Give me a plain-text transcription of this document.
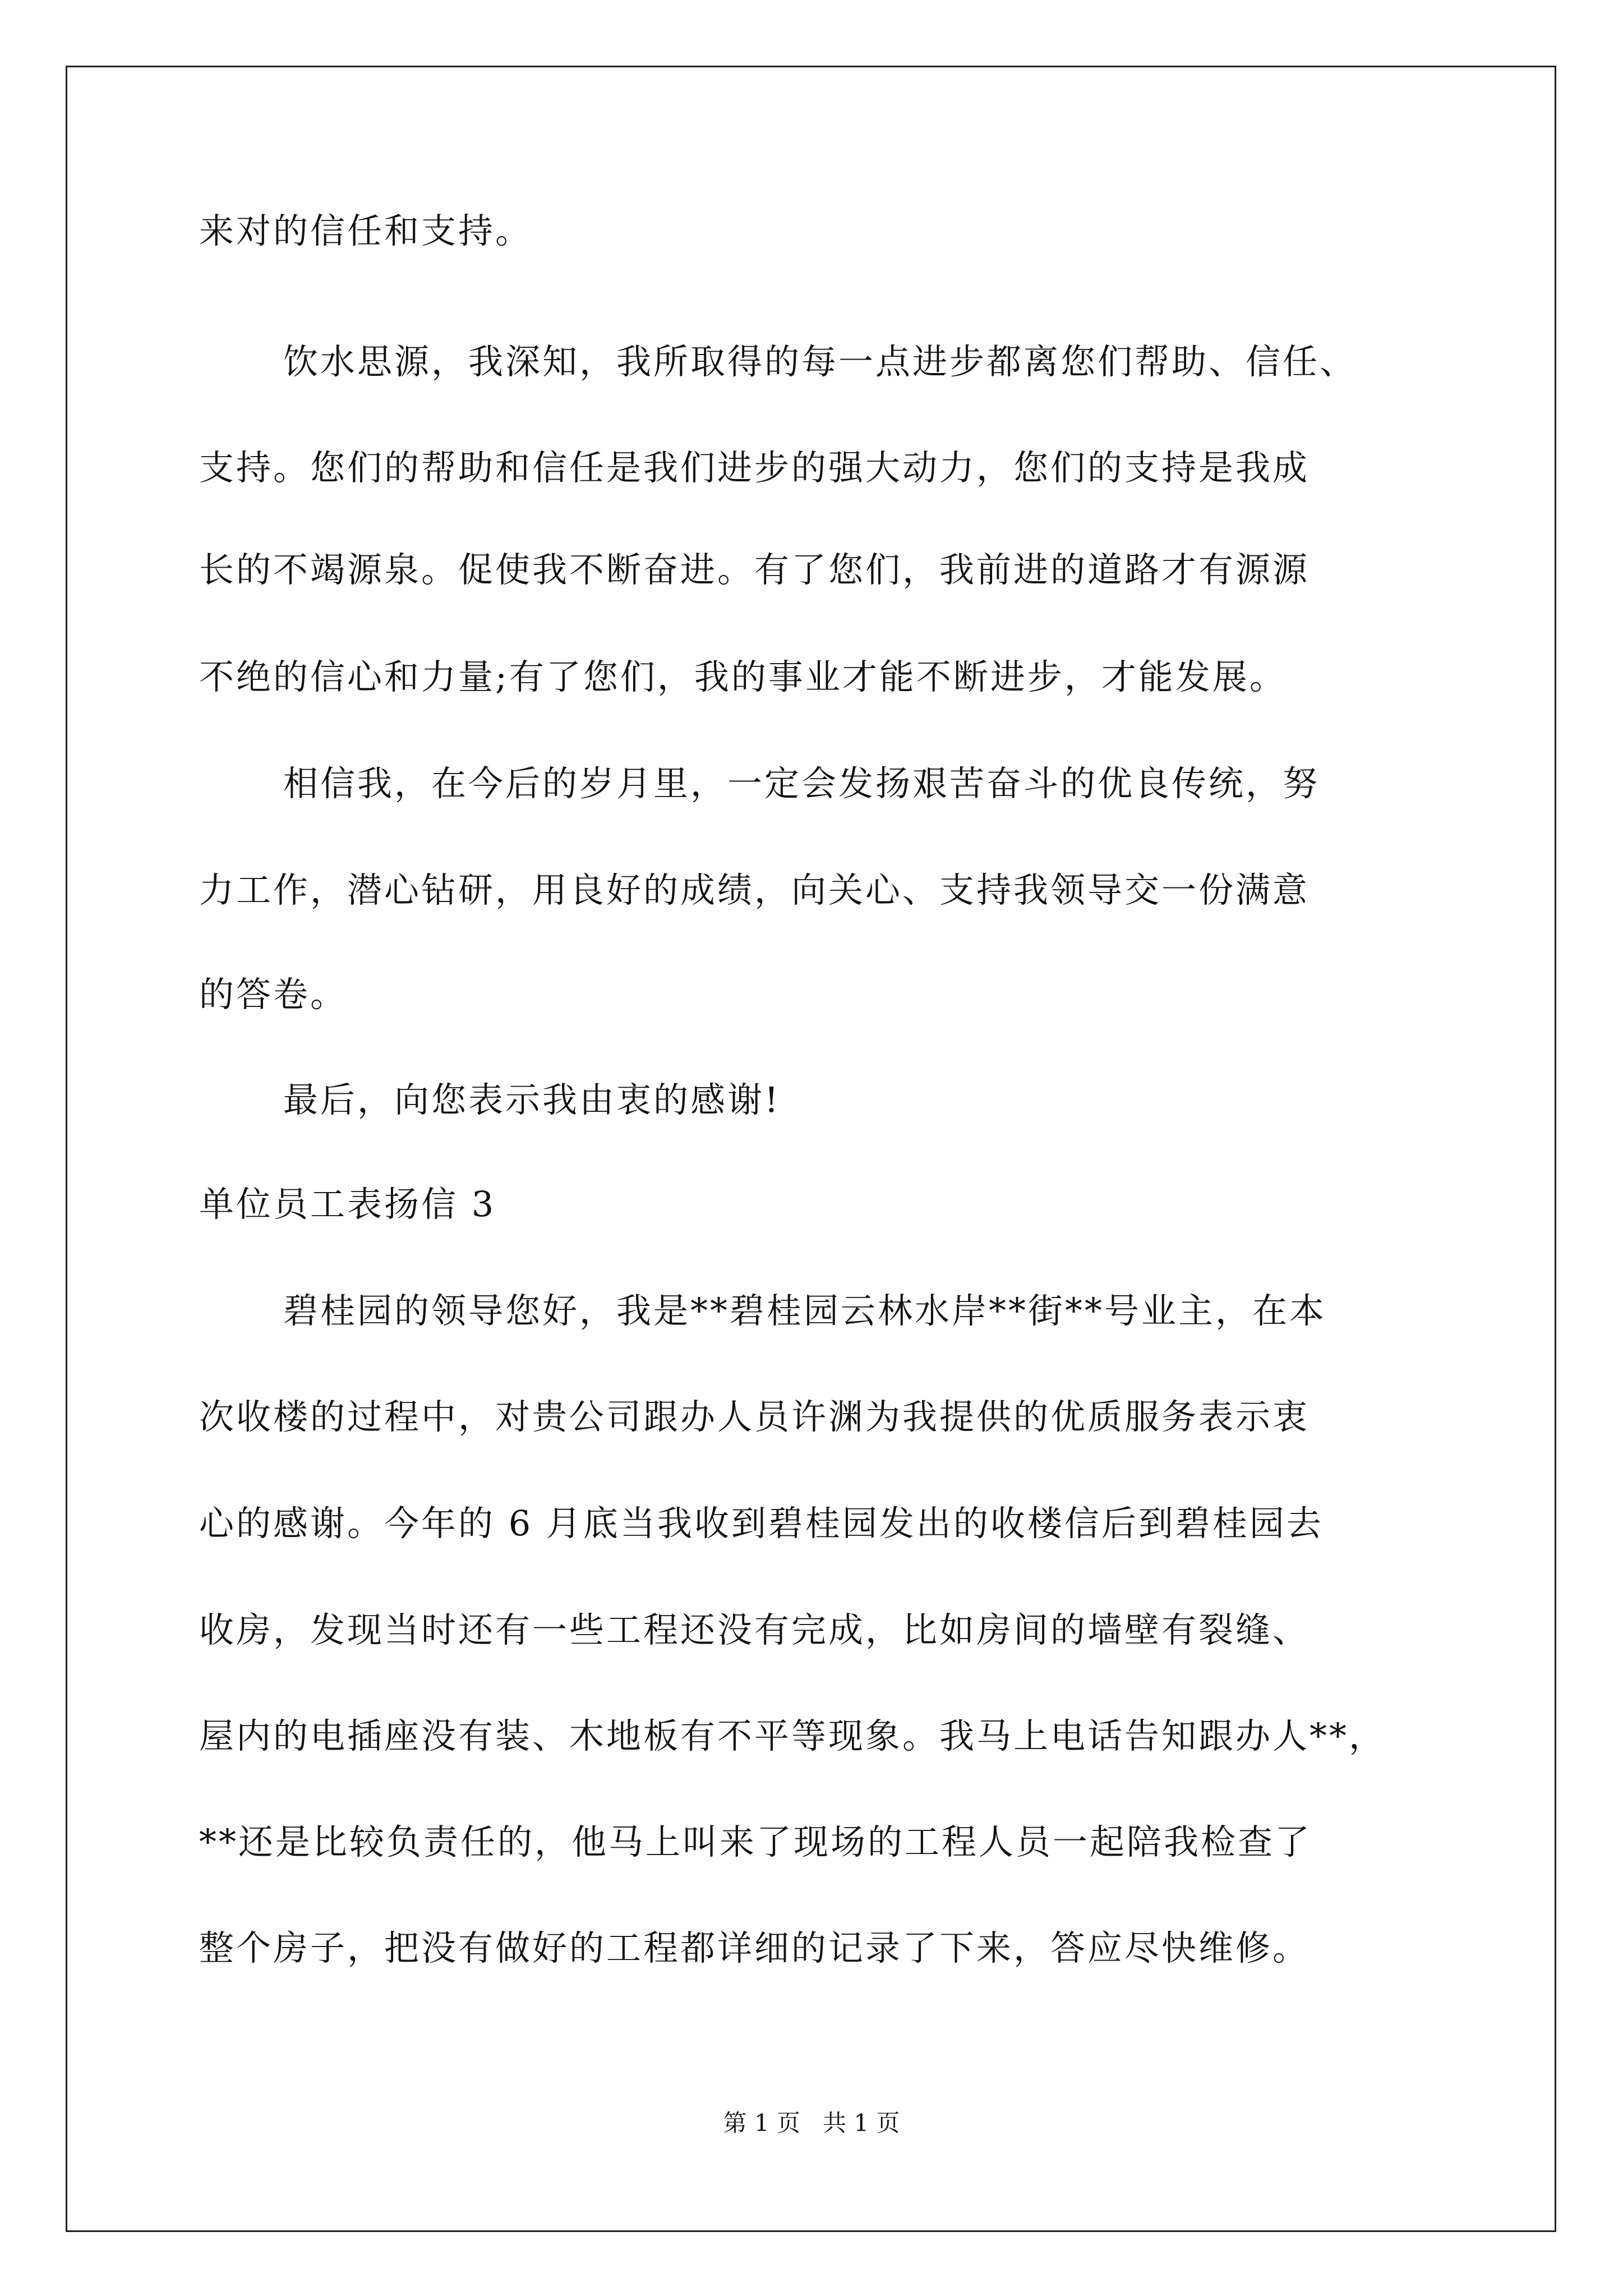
来对的信任和支持。
饮水思源，我深知，我所取得的每一点进步都离您们帮助、信任、
支持。您们的帮助和信任是我们进步的强大动力，您们的支持是我成
长的不竭源泉。促使我不断奋进。有了您们，我前进的道路才有源源
不绝的信心和力量;有了您们，我的事业才能不断进步，才能发展。
相信我，在今后的岁月里，一定会发扬艰苦奋斗的优良传统，努
力工作，潜心钻研，用良好的成绩，向关心、支持我领导交一份满意
的答卷。
最后，向您表示我由衷的感谢!
单位员工表扬信 3
碧桂园的领导您好，我是**碧桂园云林水岸**街**号业主，在本
次收楼的过程中，对贵公司跟办人员许渊为我提供的优质服务表示衷
心的感谢。今年的 6 月底当我收到碧桂园发出的收楼信后到碧桂园去
收房，发现当时还有一些工程还没有完成，比如房间的墙壁有裂缝、
屋内的电插座没有装、木地板有不平等现象。我马上电话告知跟办人**，
**还是比较负责任的，他马上叫来了现场的工程人员一起陪我检查了
整个房子，把没有做好的工程都详细的记录了下来，答应尽快维修。
第 1 页   共 1 页
